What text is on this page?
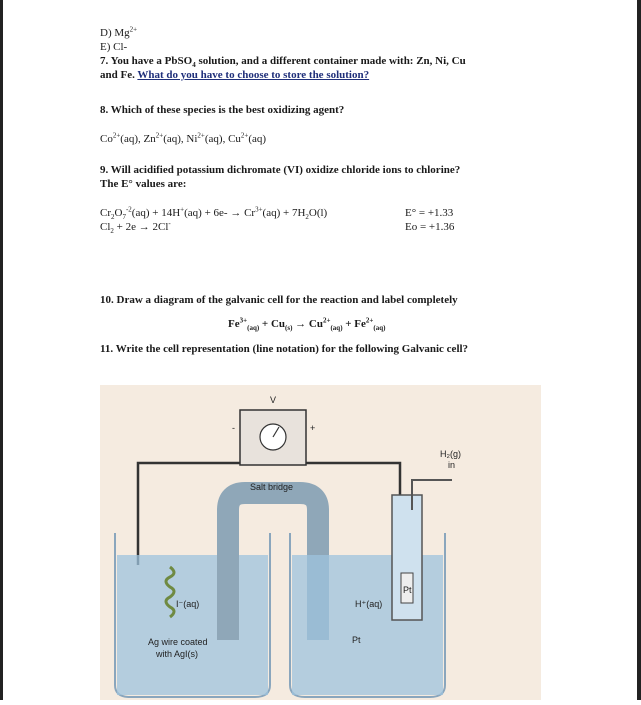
D) $Mg^{2+}$
E) Cl-
7. You have a PbSO$_4$ solution, and a different container made with: Zn, Ni, Cu
and Fe. What do you have to choose to store the solution?
8. Which of these species is the best oxidizing agent?
$Co^{2+}(aq)$, $Zn^{2+}(aq)$, $Ni^{2+}(aq)$, $Cu^{2+}(aq)$
9. Will acidified potassium dichromate (VI) oxidize chloride ions to chlorine?
The E° values are:
$Cr_2O_7^{-2}(aq) + 14H^+(aq) + 6e- \to Cr^{3+}(aq) + 7H_2O(l)$	E° = +1.33
$Cl_2 + 2e \to 2Cl^-$	Eo = +1.36
10. Draw a diagram of the galvanic cell for the reaction and label completely
$Fe^{3+}_{(aq)} + Cu_{(s)} \to Cu^{2+}_{(aq)} + Fe^{2+}_{(aq)}$
11. Write the cell representation (line notation) for the following Galvanic cell?
V
-	+
I⁻(aq)
Ag wire coated
with AgI(s)
Salt bridge
H⁺(aq)
Pt
Pt
H₂(g)
in
